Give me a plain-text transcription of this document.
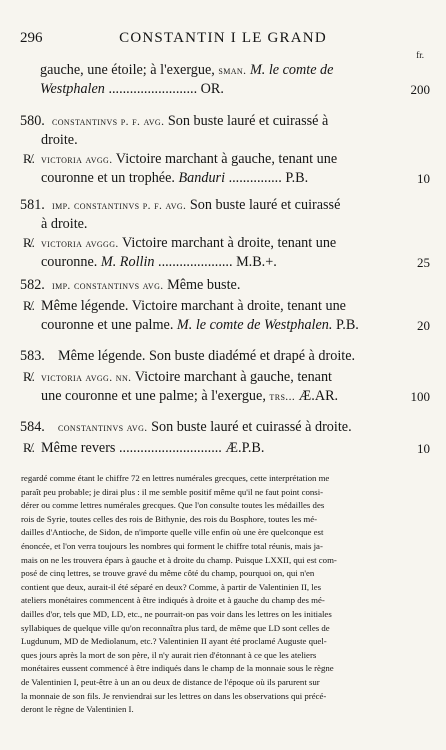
296	CONSTANTIN I LE GRAND
fr.
gauche, une étoile; à l'exergue, sman. M. le comte de
Westphalen ......................... OR.	200
580. constantinvs p. f. avg. Son buste lauré et cuirassé à
droite.
R̸. victoria avgg. Victoire marchant à gauche, tenant une
couronne et un trophée. Banduri ............... P.B.	10
581. imp. constantinvs p. f. avg. Son buste lauré et cuirassé
à droite.
R̸. victoria avggg. Victoire marchant à droite, tenant une
couronne. M. Rollin ..................... M.B.+.	25
582. imp. constantinvs avg. Même buste.
R̸. Même légende. Victoire marchant à droite, tenant une
couronne et une palme. M. le comte de Westphalen. P.B.	20
583. Même légende. Son buste diadémé et drapé à droite.
R̸. victoria avgg. nn. Victoire marchant à gauche, tenant
une couronne et une palme; à l'exergue, trs... Æ.AR.	100
584. constantinvs avg. Son buste lauré et cuirassé à droite.
R̸. Même revers ............................. Æ.P.B.	10
regardé comme étant le chiffre 72 en lettres numérales grecques, cette interprétation me
paraît peu probable; je dirai plus : il me semble positif même qu'il ne faut point consi-
dérer ou comme lettres numérales grecques. Que l'on consulte toutes les médailles des
rois de Syrie, toutes celles des rois de Bithynie, des rois du Bosphore, toutes les mé-
dailles d'Antioche, de Sidon, de n'importe quelle ville enfin où une ère quelconque est
énoncée, et l'on verra toujours les nombres qui forment le chiffre total réunis, mais ja-
mais on ne les trouvera épars à gauche et à droite du champ. Puisque LXXII, qui est com-
posé de cinq lettres, se trouve gravé du même côté du champ, pourquoi on, qui n'en
contient que deux, aurait-il été séparé en deux? Comme, à partir de Valentinien II, les
ateliers monétaires commencent à être indiqués à droite et à gauche du champ des mé-
dailles d'or, tels que MD, LD, etc., ne pourrait-on pas voir dans les lettres on les initiales
syllabiques de quelque ville qu'on reconnaîtra plus tard, de même que LD sont celles de
Lugdunum, MD de Mediolanum, etc.? Valentinien II ayant été proclamé Auguste quel-
ques jours après la mort de son père, il n'y aurait rien d'étonnant à ce que les ateliers
monétaires eussent commencé à être indiqués dans le champ de la monnaie sous le règne
de Valentinien I, peut-être à un an ou deux de distance de l'époque où ils parurent sur
la monnaie de son fils. Je renviendrai sur les lettres on dans les observations qui précé-
deront le règne de Valentinien I.
